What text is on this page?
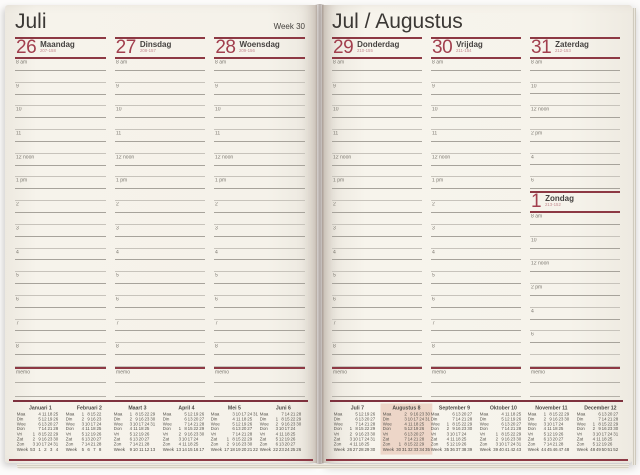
Juli	Week 30
26 Maandag
207-158
8 am
9
10
11
12 noon
1 pm
2
3
4
5
6
7
8
memo
27 Dinsdag
208-157
8 am
9
10
11
12 noon
1 pm
2
3
4
5
6
7
8
memo
28 Woensdag
209-156
8 am
9
10
11
12 noon
1 pm
2
3
4
5
6
7
8
memo
Januari 1
Maa	4 11 18 25
Din	5 12 19 26
Woe	6 13 20 27
Don	7 14 21 28
Vri	1 8 15 22 29
Zat	2 9 16 23 30
Zon	3 10 17 24 31
Week 53 1 2 3 4
Februari 2
Maa	1 8 15 22
Din	2 9 16 23
Woe	3 10 17 24
Don	4 11 18 25
Vri	5 12 19 26
Zat	6 13 20 27
Zon	7 14 21 28
Week 5 6 7 8
Maart 3
Maa	1 8 15 22 29
Din	2 9 16 23 30
Woe	3 10 17 24 31
Don	4 11 18 25
Vri	5 12 19 26
Zat	6 13 20 27
Zon	7 14 21 28
Week 9 10 11 12 13
April 4
Maa	5 12 19 26
Din	6 13 20 27
Woe	7 14 21 28
Don	1 8 15 22 29
Vri	2 9 16 23 30
Zat	3 10 17 24
Zon	4 11 18 25
Week 13 14 15 16 17
Mei 5
Maa	3 10 17 24 31
Din	4 11 18 25
Woe	5 12 19 26
Don	6 13 20 27
Vri	7 14 21 28
Zat	1 8 15 22 29
Zon	2 9 16 23 30
Week 17 18 19 20 21 22
Juni 6
Maa	7 14 21 28
Din	1 8 15 22 29
Woe	2 9 16 23 30
Don	3 10 17 24
Vri	4 11 18 25
Zat	5 12 19 26
Zon	6 13 20 27
Week 22 23 24 25 26
Jul / Augustus
29 Donderdag
210-155
8 am
9
10
11
12 noon
1 pm
2
3
4
5
6
7
8
memo
30 Vrijdag
211-154
8 am
9
10
11
12 noon
1 pm
2
3
4
5
6
7
8
memo
31 Zaterdag
212-153
8 am
10
12 noon
2 pm
4
6
1 Zondag
213-152
8 am
10
12 noon
2 pm
4
6
memo
Juli 7
Maa	5 12 19 26
Din	6 13 20 27
Woe	7 14 21 28
Don	1 8 15 22 29
Vri	2 9 16 23 30
Zat	3 10 17 24 31
Zon	4 11 18 25
Week 26 27 28 29 30
Augustus 8
Maa	2 9 16 23 30
Din	3 10 17 24 31
Woe	4 11 18 25
Don	5 12 19 26
Vri	6 13 20 27
Zat	7 14 21 28
Zon	1 8 15 22 29
Week 30 31 32 33 34 35
September 9
Maa	6 13 20 27
Din	7 14 21 28
Woe	1 8 15 22 29
Don	2 9 16 23 30
Vri	3 10 17 24
Zat	4 11 18 25
Zon	5 12 19 26
Week 35 36 37 38 39
Oktober 10
Maa	4 11 18 25
Din	5 12 19 26
Woe	6 13 20 27
Don	7 14 21 28
Vri	1 8 15 22 29
Zat	2 9 16 23 30
Zon	3 10 17 24 31
Week 39 40 41 42 43
November 11
Maa	1 8 15 22 29
Din	2 9 16 23 30
Woe	3 10 17 24
Don	4 11 18 25
Vri	5 12 19 26
Zat	6 13 20 27
Zon	7 14 21 28
Week 44 45 46 47 48
December 12
Maa	6 13 20 27
Din	7 14 21 28
Woe	1 8 15 22 29
Don	2 9 16 23 30
Vri	3 10 17 24 31
Zat	4 11 18 25
Zon	5 12 19 26
Week 48 49 50 51 52
